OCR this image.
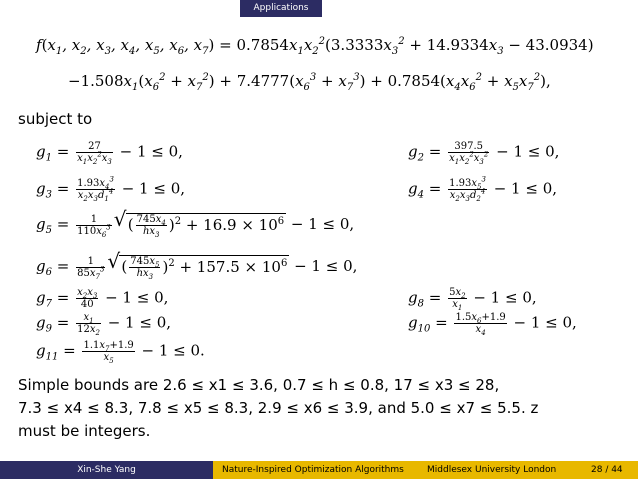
Applications
$f(x_1$, $x_2$, $x_3$, $x_4$, $x_5$, $x_6$, $x_7) = 0.7854x_1x_2^2(3.3333x_3^2 + 14.9334x_3 - 43.0934)$
$-1.508x_1(x_6^2 + x_7^2) + 7.4777(x_6^3 + x_7^3) + 0.7854(x_4x_6^2 + x_5x_7^2)$,
subject to
$g_1 = \frac{27}{x_1x_2^2x_3} - 1 \le 0$,	$g_2 = \frac{397.5}{x_1x_2^2x_3^2} - 1 \le 0$,
$g_3 = \frac{1.93x_4^3}{x_2x_3d_1^4} - 1 \le 0$,	$g_4 = \frac{1.93x_5^3}{x_2x_3d_2^4} - 1 \le 0$,
$g_5 = \frac{1}{110x_6^3}$ √ ( $\frac{745x_4}{hx_3} )^2 + 16.9 \times 10^6 - 1 \le 0$,
$g_6 = \frac{1}{85x_7^3}$ √ ( $\frac{745x_5}{hx_3} )^2 + 157.5 \times 10^6 - 1 \le 0$,
$g_7 = \frac{x_2x_3}{40} - 1 \le 0$,	$g_8 = \frac{5x_2}{x_1} - 1 \le 0$,
$g_9 = \frac{x_1}{12x_2} - 1 \le 0$,	$g_{10} = \frac{1.5x_6+1.9}{x_4} - 1 \le 0$,
$g_{11} = \frac{1.1x_7+1.9}{x_5} - 1 \le 0$.
Simple bounds are 2.6 ≤ x1 ≤ 3.6, 0.7 ≤ h ≤ 0.8, 17 ≤ x3 ≤ 28,
7.3 ≤ x4 ≤ 8.3, 7.8 ≤ x5 ≤ 8.3, 2.9 ≤ x6 ≤ 3.9, and 5.0 ≤ x7 ≤ 5.5. z
must be integers.
Xin-She Yang	Nature-Inspired Optimization Algorithms	Middlesex University London	28 / 44
